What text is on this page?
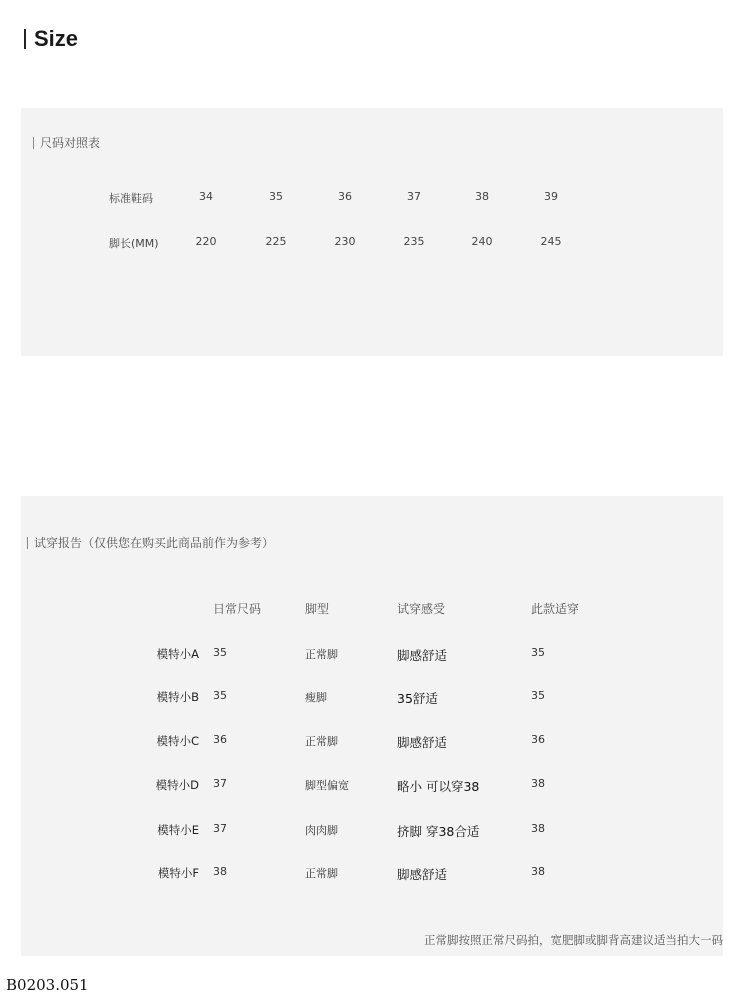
Size
尺码对照表
标准鞋码	34	35	36	37	38	39
脚长(MM)	220	225	230	235	240	245
试穿报告（仅供您在购买此商品前作为参考）
日常尺码	脚型	试穿感受	此款适穿
模特小A 35	正常脚	脚感舒适	35
模特小B 35	瘦脚	35舒适	35
模特小C 36	正常脚	脚感舒适	36
模特小D 37	脚型偏宽	略小 可以穿38	38
模特小E 37	肉肉脚	挤脚 穿38合适	38
模特小F 38	正常脚	脚感舒适	38
正常脚按照正常尺码拍，宽肥脚或脚背高建议适当拍大一码
B0203.051
